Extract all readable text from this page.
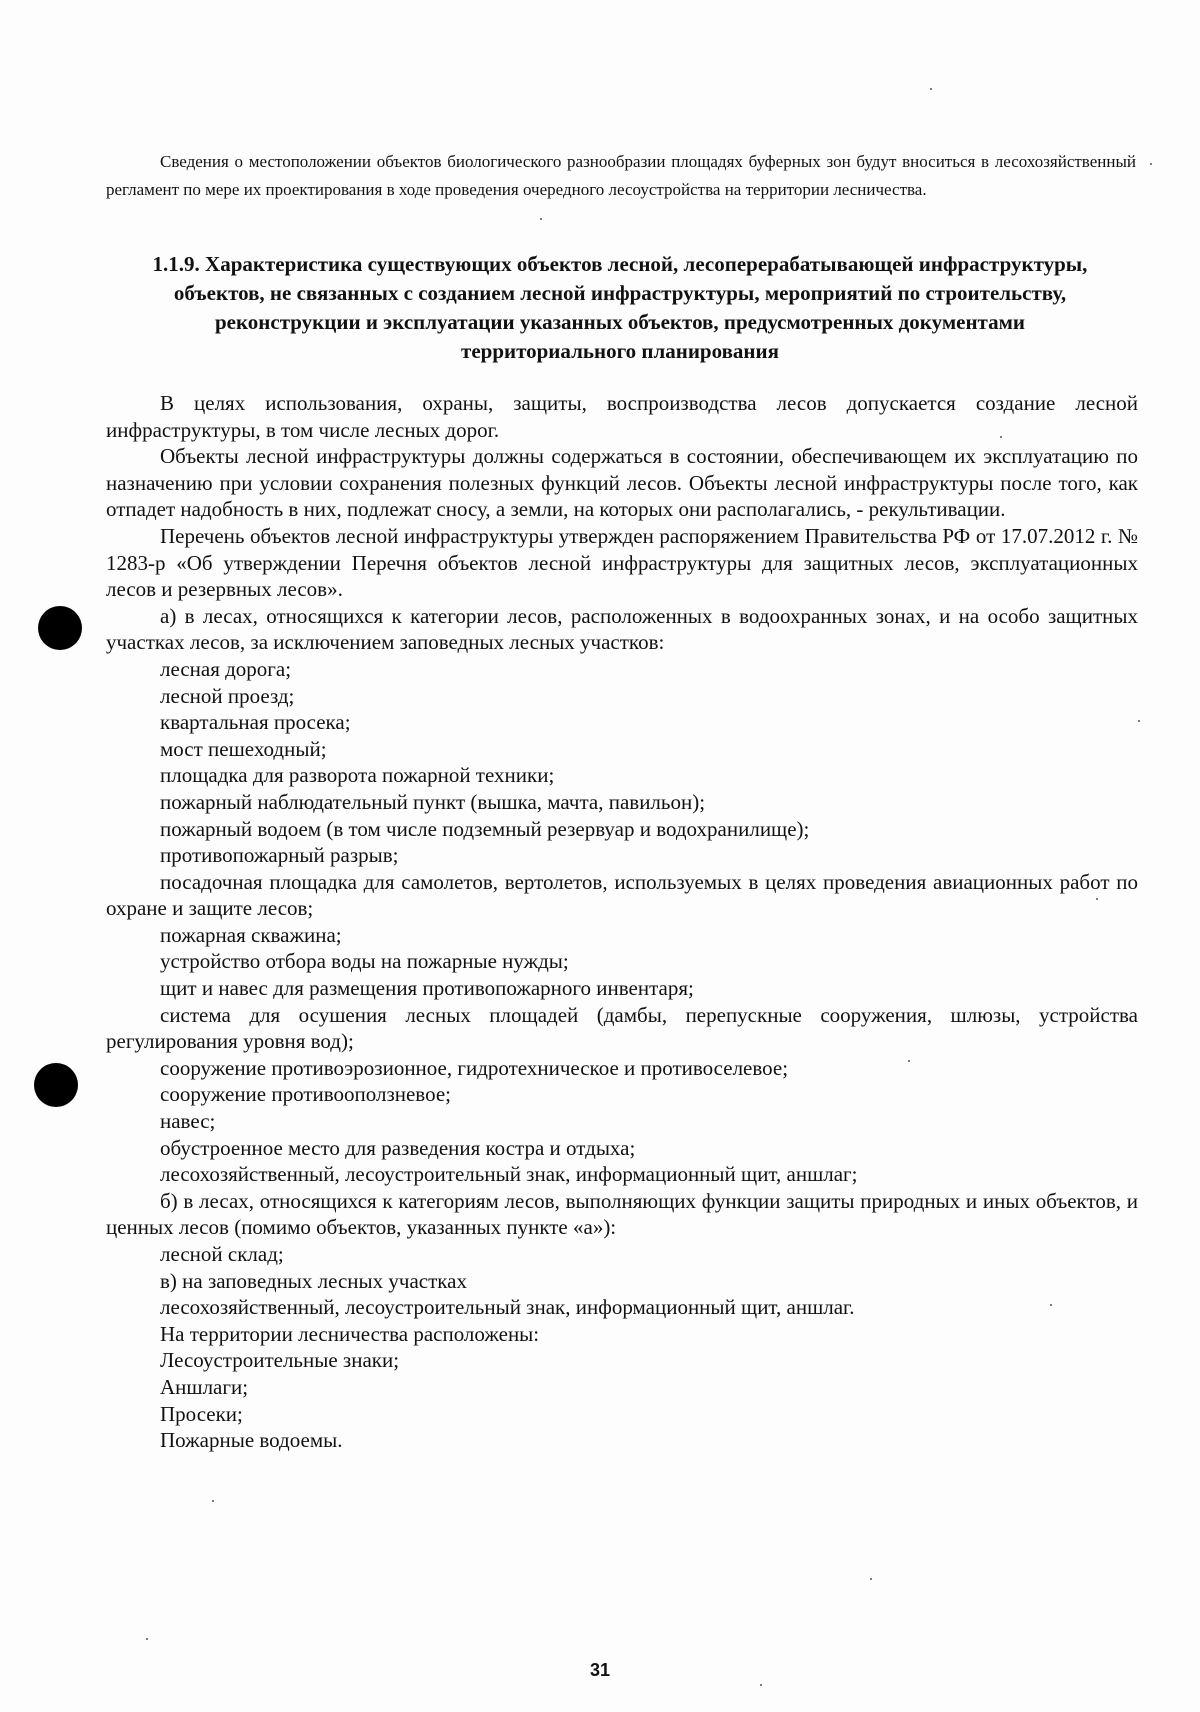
Сведения о местоположении объектов биологического разнообразии площадях буферных зон будут вноситься в лесохозяйственный регламент по мере их проектирования в ходе проведения очередного лесоустройства на территории лесничества.

1.1.9. Характеристика существующих объектов лесной, лесоперерабатывающей инфраструктуры, объектов, не связанных с созданием лесной инфраструктуры, мероприятий по строительству, реконструкции и эксплуатации указанных объектов, предусмотренных документами территориального планирования

В целях использования, охраны, защиты, воспроизводства лесов допускается создание лесной инфраструктуры, в том числе лесных дорог.

Объекты лесной инфраструктуры должны содержаться в состоянии, обеспечивающем их эксплуатацию по назначению при условии сохранения полезных функций лесов. Объекты лесной инфраструктуры после того, как отпадет надобность в них, подлежат сносу, а земли, на которых они располагались, - рекультивации.

Перечень объектов лесной инфраструктуры утвержден распоряжением Правительства РФ от 17.07.2012 г. № 1283-р «Об утверждении Перечня объектов лесной инфраструктуры для защитных лесов, эксплуатационных лесов и резервных лесов».

а) в лесах, относящихся к категории лесов, расположенных в водоохранных зонах, и на особо защитных участках лесов, за исключением заповедных лесных участков:

лесная дорога;

лесной проезд;

квартальная просека;

мост пешеходный;

площадка для разворота пожарной техники;

пожарный наблюдательный пункт (вышка, мачта, павильон);

пожарный водоем (в том числе подземный резервуар и водохранилище);

противопожарный разрыв;

посадочная площадка для самолетов, вертолетов, используемых в целях проведения авиационных работ по охране и защите лесов;

пожарная скважина;

устройство отбора воды на пожарные нужды;

щит и навес для размещения противопожарного инвентаря;

система для осушения лесных площадей (дамбы, перепускные сооружения, шлюзы, устройства регулирования уровня вод);

сооружение противоэрозионное, гидротехническое и противоселевое;

сооружение противооползневое;

навес;

обустроенное место для разведения костра и отдыха;

лесохозяйственный, лесоустроительный знак, информационный щит, аншлаг;

б) в лесах, относящихся к категориям лесов, выполняющих функции защиты природных и иных объектов, и ценных лесов (помимо объектов, указанных пункте «а»):

лесной склад;

в) на заповедных лесных участках

лесохозяйственный, лесоустроительный знак, информационный щит, аншлаг.

На территории лесничества расположены:

Лесоустроительные знаки;

Аншлаги;

Просеки;

Пожарные водоемы.

31
